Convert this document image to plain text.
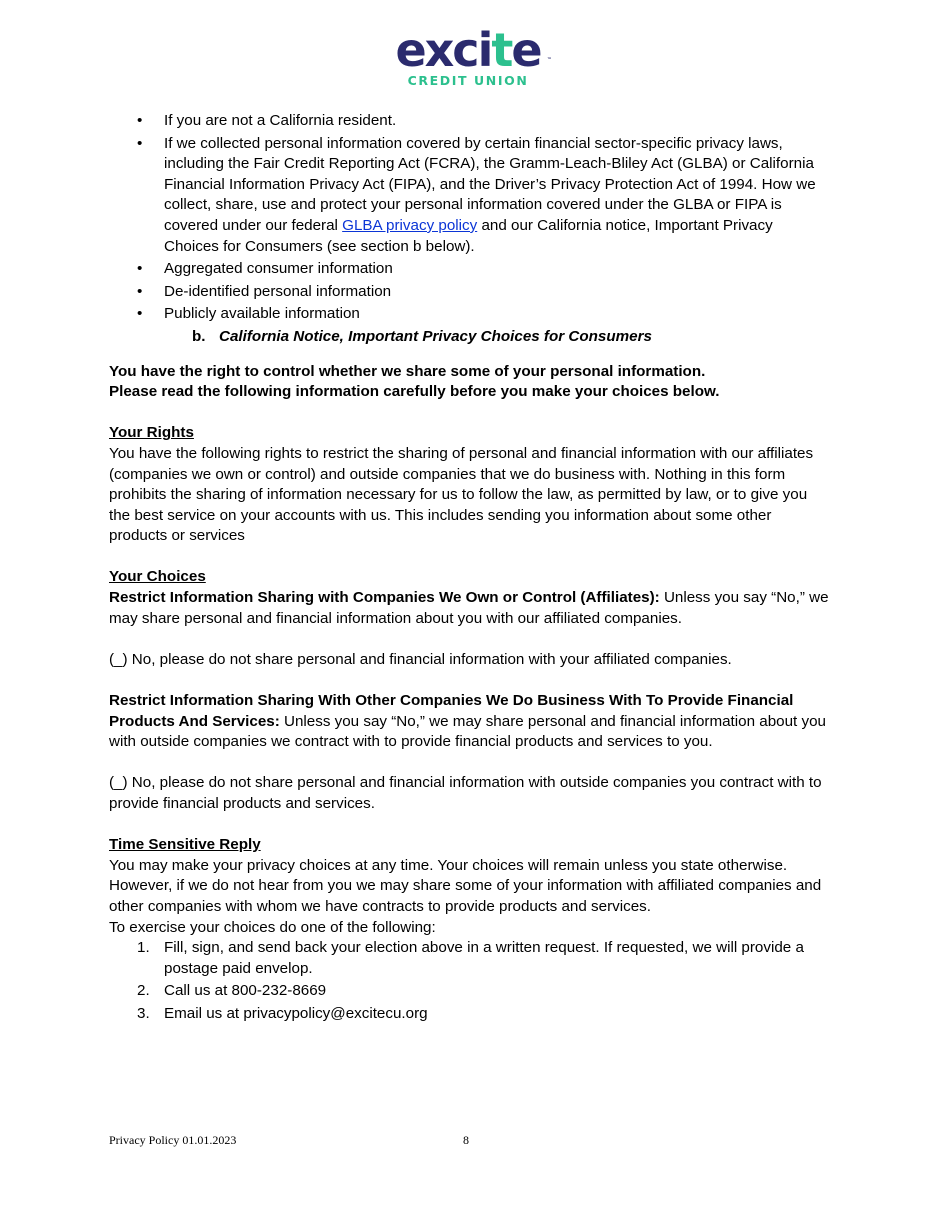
excite ™
CREDIT UNION
• If you are not a California resident.
• If we collected personal information covered by certain financial sector-specific privacy laws, including the Fair Credit Reporting Act (FCRA), the Gramm-Leach-Bliley Act (GLBA) or California Financial Information Privacy Act (FIPA), and the Driver’s Privacy Protection Act of 1994. How we collect, share, use and protect your personal information covered under the GLBA or FIPA is covered under our federal GLBA privacy policy and our California notice, Important Privacy Choices for Consumers (see section b below).
• Aggregated consumer information
• De-identified personal information
• Publicly available information

b. California Notice, Important Privacy Choices for Consumers

You have the right to control whether we share some of your personal information.

Please read the following information carefully before you make your choices below.

Your Rights

You have the following rights to restrict the sharing of personal and financial information with our affiliates (companies we own or control) and outside companies that we do business with. Nothing in this form prohibits the sharing of information necessary for us to follow the law, as permitted by law, or to give you the best service on your accounts with us. This includes sending you information about some other products or services

Your Choices

Restrict Information Sharing with Companies We Own or Control (Affiliates): Unless you say “No,” we may share personal and financial information about you with our affiliated companies.

(_) No, please do not share personal and financial information with your affiliated companies.

Restrict Information Sharing With Other Companies We Do Business With To Provide Financial Products And Services: Unless you say “No,” we may share personal and financial information about you with outside companies we contract with to provide financial products and services to you.

(_) No, please do not share personal and financial information with outside companies you contract with to provide financial products and services.

Time Sensitive Reply

You may make your privacy choices at any time. Your choices will remain unless you state otherwise. However, if we do not hear from you we may share some of your information with affiliated companies and other companies with whom we have contracts to provide products and services.

To exercise your choices do one of the following:

1. Fill, sign, and send back your election above in a written request. If requested, we will provide a postage paid envelop.
2. Call us at 800-232-8669
3. Email us at privacypolicy@excitecu.org
Privacy Policy 01.01.2023	8
